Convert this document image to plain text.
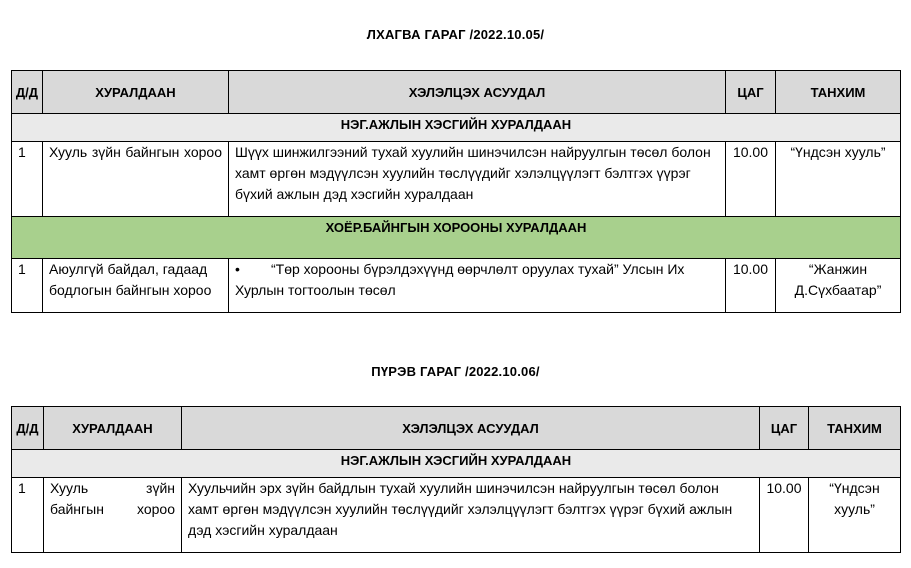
ЛХАГВА ГАРАГ /2022.10.05/
Д/Д	ХУРАЛДААН	ХЭЛЭЛЦЭХ АСУУДАЛ	ЦАГ	ТАНХИМ
НЭГ.АЖЛЫН ХЭСГИЙН ХУРАЛДААН				
1	Хууль зүйн байнгын хороо	Шүүх шинжилгээний тухай хуулийн шинэчилсэн найруулгын төсөл болон хамт өргөн мэдүүлсэн хуулийн төслүүдийг хэлэлцүүлэгт бэлтгэх үүрэг бүхий ажлын дэд хэсгийн хуралдаан	10.00	“Үндсэн хууль”
ХОЁР.БАЙНГЫН ХОРООНЫ ХУРАЛДААН				
1	Аюулгүй байдал, гадаад бодлогын байнгын хороо	• “Төр хорооны бүрэлдэхүүнд өөрчлөлт оруулах тухай” Улсын Их Хурлын тогтоолын төсөл	10.00	“Жанжин Д.Сүхбаатар”
ПҮРЭВ ГАРАГ /2022.10.06/
Д/Д	ХУРАЛДААН	ХЭЛЭЛЦЭХ АСУУДАЛ	ЦАГ	ТАНХИМ
НЭГ.АЖЛЫН ХЭСГИЙН ХУРАЛДААН				
1	Хууль зүйн байнгын хороо	Хуульчийн эрх зүйн байдлын тухай хуулийн шинэчилсэн найруулгын төсөл болон хамт өргөн мэдүүлсэн хуулийн төслүүдийг хэлэлцүүлэгт бэлтгэх үүрэг бүхий ажлын дэд хэсгийн хуралдаан	10.00	“Үндсэн хууль”
